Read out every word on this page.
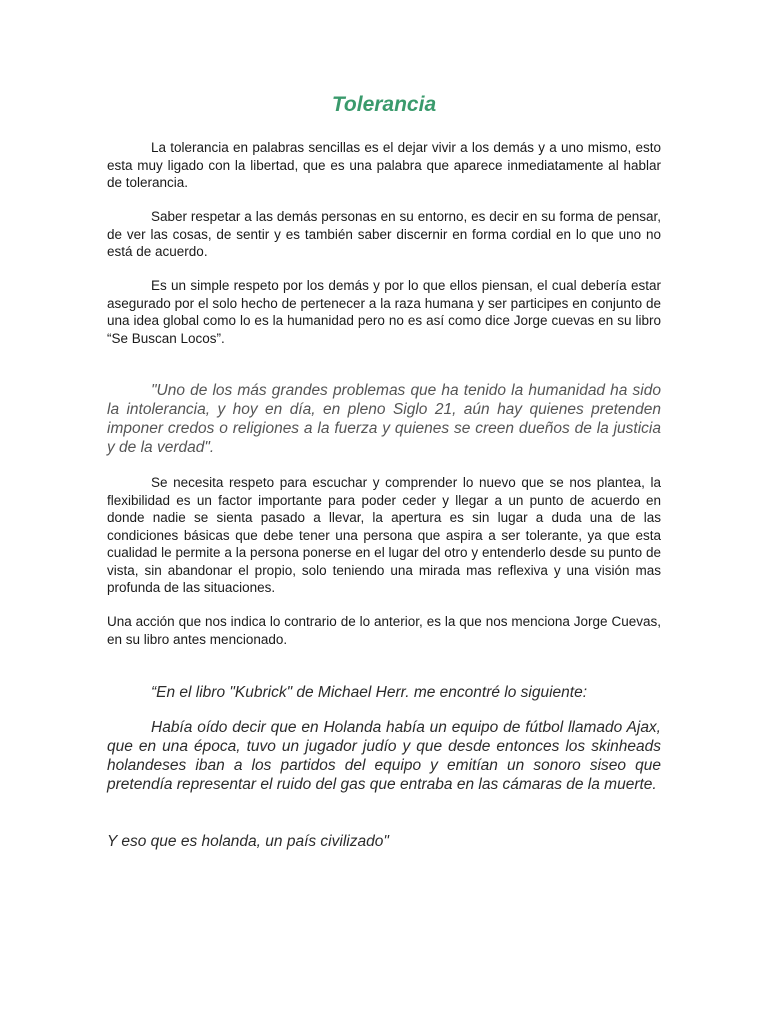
Tolerancia

La tolerancia en palabras sencillas es el dejar vivir a los demás y a uno mismo, esto esta muy ligado con la libertad, que es una palabra que aparece inmediatamente al hablar de tolerancia.

Saber respetar a las demás personas en su entorno, es decir en su forma de pensar, de ver las cosas, de sentir y es también saber discernir en forma cordial en lo que uno no está de acuerdo.

Es un simple respeto por los demás y por lo que ellos piensan, el cual debería estar asegurado por el solo hecho de pertenecer a la raza humana y ser participes en conjunto de una idea global como lo es la humanidad pero no es así como dice Jorge cuevas en su libro “Se Buscan Locos”.

"Uno de los más grandes problemas que ha tenido la humanidad ha sido la intolerancia, y hoy en día, en pleno Siglo 21, aún hay quienes pretenden imponer credos o religiones a la fuerza y quienes se creen dueños de la justicia y de la verdad".

Se necesita respeto para escuchar y comprender lo nuevo que se nos plantea, la flexibilidad es un factor importante para poder ceder y llegar a un punto de acuerdo en donde nadie se sienta pasado a llevar, la apertura es sin lugar a duda una de las condiciones básicas que debe tener una persona que aspira a ser tolerante, ya que esta cualidad le permite a la persona ponerse en el lugar del otro y entenderlo desde su punto de vista, sin abandonar el propio, solo teniendo una mirada mas reflexiva y una visión mas profunda de las situaciones.

Una acción que nos indica lo contrario de lo anterior, es la que nos menciona Jorge Cuevas, en su libro antes mencionado.

“En el libro "Kubrick" de Michael Herr. me encontré lo siguiente:

Había oído decir que en Holanda había un equipo de fútbol llamado Ajax, que en una época, tuvo un jugador judío y que desde entonces los skinheads holandeses iban a los partidos del equipo y emitían un sonoro siseo que pretendía representar el ruido del gas que entraba en las cámaras de la muerte.

Y eso que es holanda, un país civilizado"
